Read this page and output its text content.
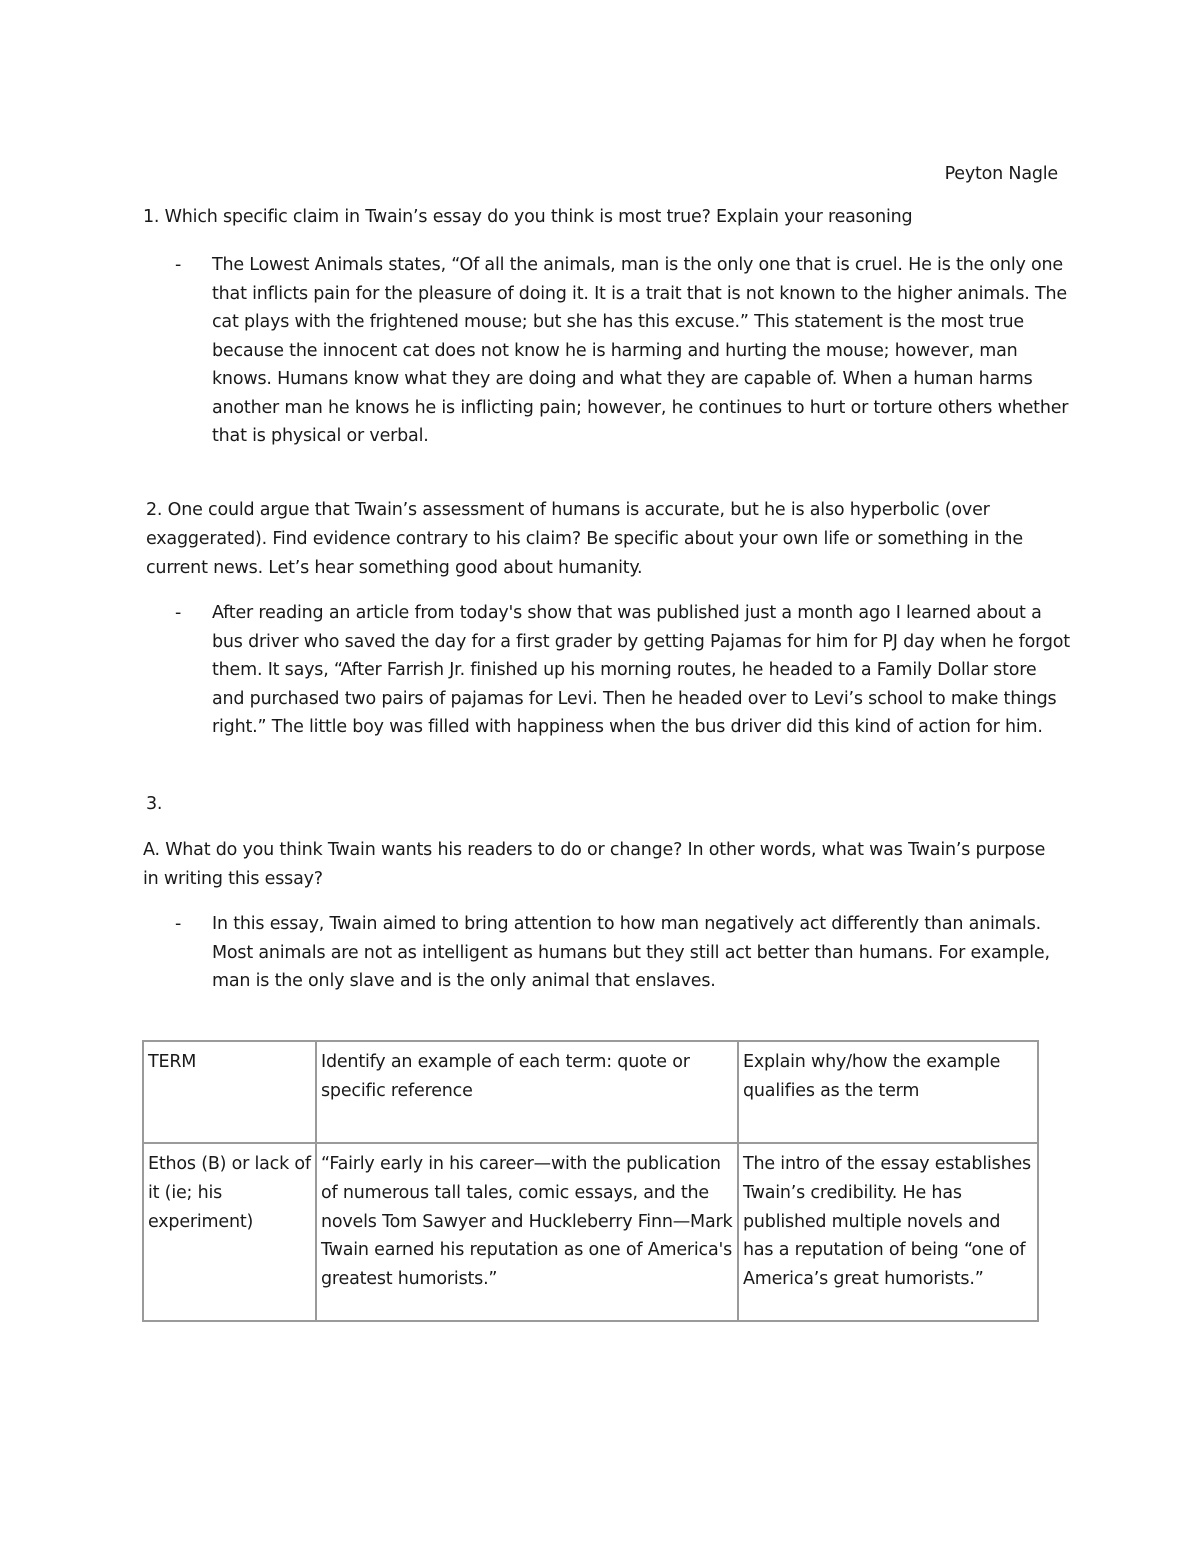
Peyton Nagle
1. Which specific claim in Twain’s essay do you think is most true? Explain your reasoning
-	The Lowest Animals states, “Of all the animals, man is the only one that is cruel. He is the only one that inflicts pain for the pleasure of doing it. It is a trait that is not known to the higher animals. The cat plays with the frightened mouse; but she has this excuse.” This statement is the most true because the innocent cat does not know he is harming and hurting the mouse; however, man knows. Humans know what they are doing and what they are capable of. When a human harms another man he knows he is inflicting pain; however, he continues to hurt or torture others whether that is physical or verbal.
2. One could argue that Twain’s assessment of humans is accurate, but he is also hyperbolic (over exaggerated). Find evidence contrary to his claim? Be specific about your own life or something in the current news. Let’s hear something good about humanity.
-	After reading an article from today's show that was published just a month ago I learned about a bus driver who saved the day for a first grader by getting Pajamas for him for PJ day when he forgot them. It says, “After Farrish Jr. finished up his morning routes, he headed to a Family Dollar store and purchased two pairs of pajamas for Levi. Then he headed over to Levi’s school to make things right.” The little boy was filled with happiness when the bus driver did this kind of action for him.
3.
A. What do you think Twain wants his readers to do or change? In other words, what was Twain’s purpose in writing this essay?
-	In this essay, Twain aimed to bring attention to how man negatively act differently than animals. Most animals are not as intelligent as humans but they still act better than humans. For example, man is the only slave and is the only animal that enslaves.
TERM	Identify an example of each term: quote or specific reference	Explain why/how the example qualifies as the term
Ethos (B) or lack of it (ie; his experiment)	“Fairly early in his career—with the publication of numerous tall tales, comic essays, and the novels Tom Sawyer and Huckleberry Finn—Mark Twain earned his reputation as one of America's greatest humorists.”	The intro of the essay establishes Twain’s credibility. He has published multiple novels and has a reputation of being “one of America’s great humorists.”
